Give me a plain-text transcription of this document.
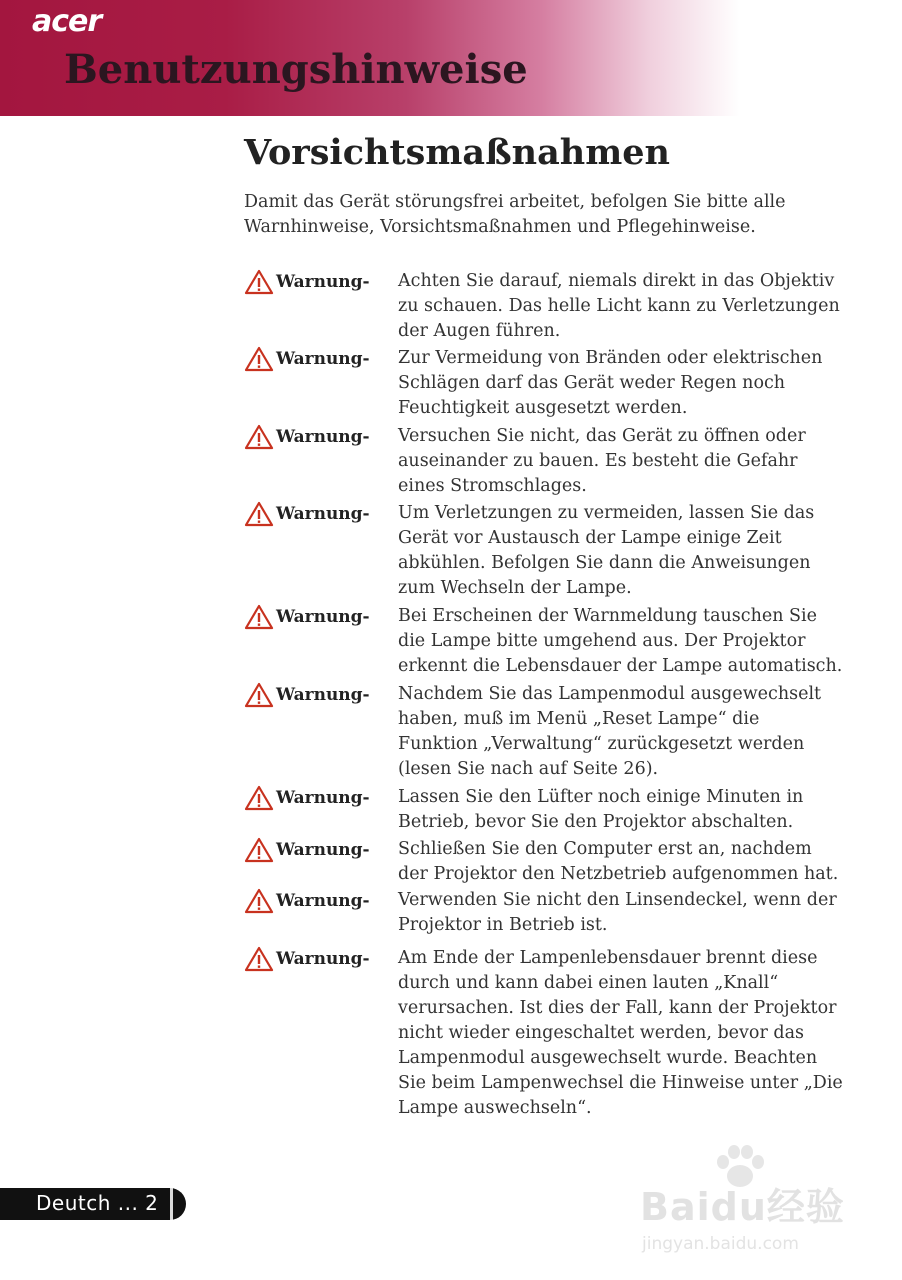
acer
Benutzungshinweise
Vorsichtsmaßnahmen
Damit das Gerät störungsfrei arbeitet, befolgen Sie bitte alle Warnhinweise, Vorsichtsmaßnahmen und Pflegehinweise.
Warnung- Achten Sie darauf, niemals direkt in das Objektiv zu schauen. Das helle Licht kann zu Verletzungen der Augen führen.
Warnung- Zur Vermeidung von Bränden oder elektrischen Schlägen darf das Gerät weder Regen noch Feuchtigkeit ausgesetzt werden.
Warnung- Versuchen Sie nicht, das Gerät zu öffnen oder auseinander zu bauen. Es besteht die Gefahr eines Stromschlages.
Warnung- Um Verletzungen zu vermeiden, lassen Sie das Gerät vor Austausch der Lampe einige Zeit abkühlen. Befolgen Sie dann die Anweisungen zum Wechseln der Lampe.
Warnung- Bei Erscheinen der Warnmeldung tauschen Sie die Lampe bitte umgehend aus. Der Projektor erkennt die Lebensdauer der Lampe automatisch.
Warnung- Nachdem Sie das Lampenmodul ausgewechselt haben, muß im Menü „Reset Lampe“ die Funktion „Verwaltung“ zurückgesetzt werden (lesen Sie nach auf Seite 26).
Warnung- Lassen Sie den Lüfter noch einige Minuten in Betrieb, bevor Sie den Projektor abschalten.
Warnung- Schließen Sie den Computer erst an, nachdem der Projektor den Netzbetrieb aufgenommen hat.
Warnung- Verwenden Sie nicht den Linsendeckel, wenn der Projektor in Betrieb ist.
Warnung- Am Ende der Lampenlebensdauer brennt diese durch und kann dabei einen lauten „Knall“ verursachen. Ist dies der Fall, kann der Projektor nicht wieder eingeschaltet werden, bevor das Lampenmodul ausgewechselt wurde. Beachten Sie beim Lampenwechsel die Hinweise unter „Die Lampe auswechseln“.
Deutch ... 2	Baidu经验
jingyan.baidu.com
